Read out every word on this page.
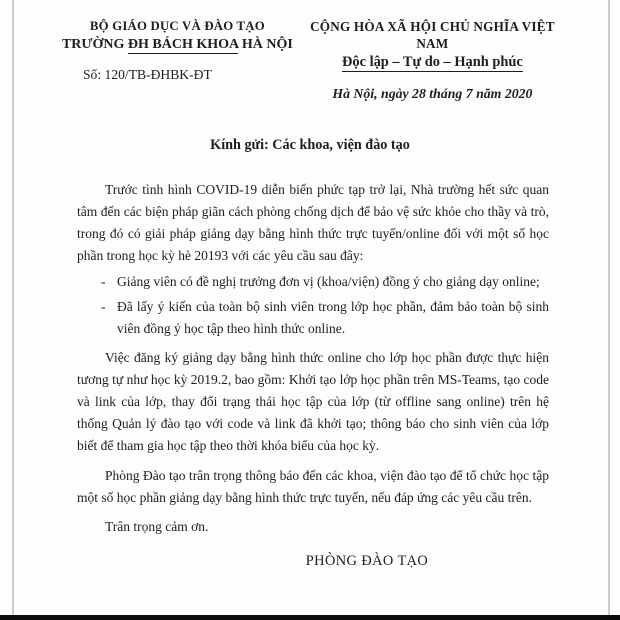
BỘ GIÁO DỤC VÀ ĐÀO TẠO
TRƯỜNG ĐH BÁCH KHOA HÀ NỘI
Số: 120/TB-ĐHBK-ĐT
CỘNG HÒA XÃ HỘI CHỦ NGHĨA VIỆT NAM
Độc lập – Tự do – Hạnh phúc
Hà Nội, ngày 28 tháng 7 năm 2020
Kính gửi: Các khoa, viện đào tạo

Trước tình hình COVID-19 diễn biến phức tạp trở lại, Nhà trường hết sức quan tâm đến các biện pháp giãn cách phòng chống dịch để bảo vệ sức khỏe cho thầy và trò, trong đó có giải pháp giảng dạy bằng hình thức trực tuyến/online đối với một số học phần trong học kỳ hè 20193 với các yêu cầu sau đây:

- Giảng viên có đề nghị trưởng đơn vị (khoa/viện) đồng ý cho giảng dạy online;
- Đã lấy ý kiến của toàn bộ sinh viên trong lớp học phần, đảm bảo toàn bộ sinh viên đồng ý học tập theo hình thức online.

Việc đăng ký giảng dạy bằng hình thức online cho lớp học phần được thực hiện tương tự như học kỳ 2019.2, bao gồm: Khởi tạo lớp học phần trên MS-Teams, tạo code và link của lớp, thay đổi trạng thái học tập của lớp (từ offline sang online) trên hệ thống Quản lý đào tạo với code và link đã khởi tạo; thông báo cho sinh viên của lớp biết để tham gia học tập theo thời khóa biểu của học kỳ.

Phòng Đào tạo trân trọng thông báo đến các khoa, viện đào tạo để tổ chức học tập một số học phần giảng dạy bằng hình thức trực tuyến, nếu đáp ứng các yêu cầu trên.

Trân trọng cảm ơn.
PHÒNG ĐÀO TẠO
